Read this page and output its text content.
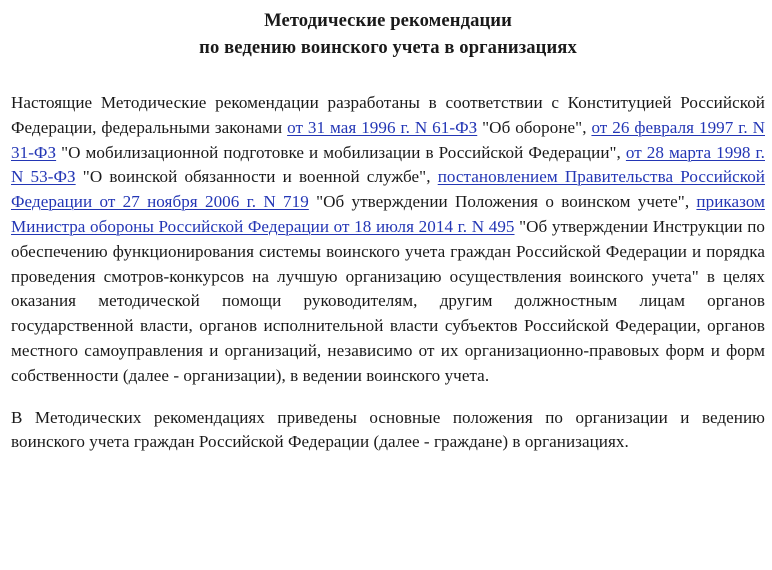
Методические рекомендации
по ведению воинского учета в организациях

Настоящие Методические рекомендации разработаны в соответствии с Конституцией Российской Федерации, федеральными законами от 31 мая 1996 г. N 61-ФЗ "Об обороне", от 26 февраля 1997 г. N 31-ФЗ "О мобилизационной подготовке и мобилизации в Российской Федерации", от 28 марта 1998 г. N 53-ФЗ "О воинской обязанности и военной службе", постановлением Правительства Российской Федерации от 27 ноября 2006 г. N 719 "Об утверждении Положения о воинском учете", приказом Министра обороны Российской Федерации от 18 июля 2014 г. N 495 "Об утверждении Инструкции по обеспечению функционирования системы воинского учета граждан Российской Федерации и порядка проведения смотров-конкурсов на лучшую организацию осуществления воинского учета" в целях оказания методической помощи руководителям, другим должностным лицам органов государственной власти, органов исполнительной власти субъектов Российской Федерации, органов местного самоуправления и организаций, независимо от их организационно-правовых форм и форм собственности (далее - организации), в ведении воинского учета.

В Методических рекомендациях приведены основные положения по организации и ведению воинского учета граждан Российской Федерации (далее - граждане) в организациях.
